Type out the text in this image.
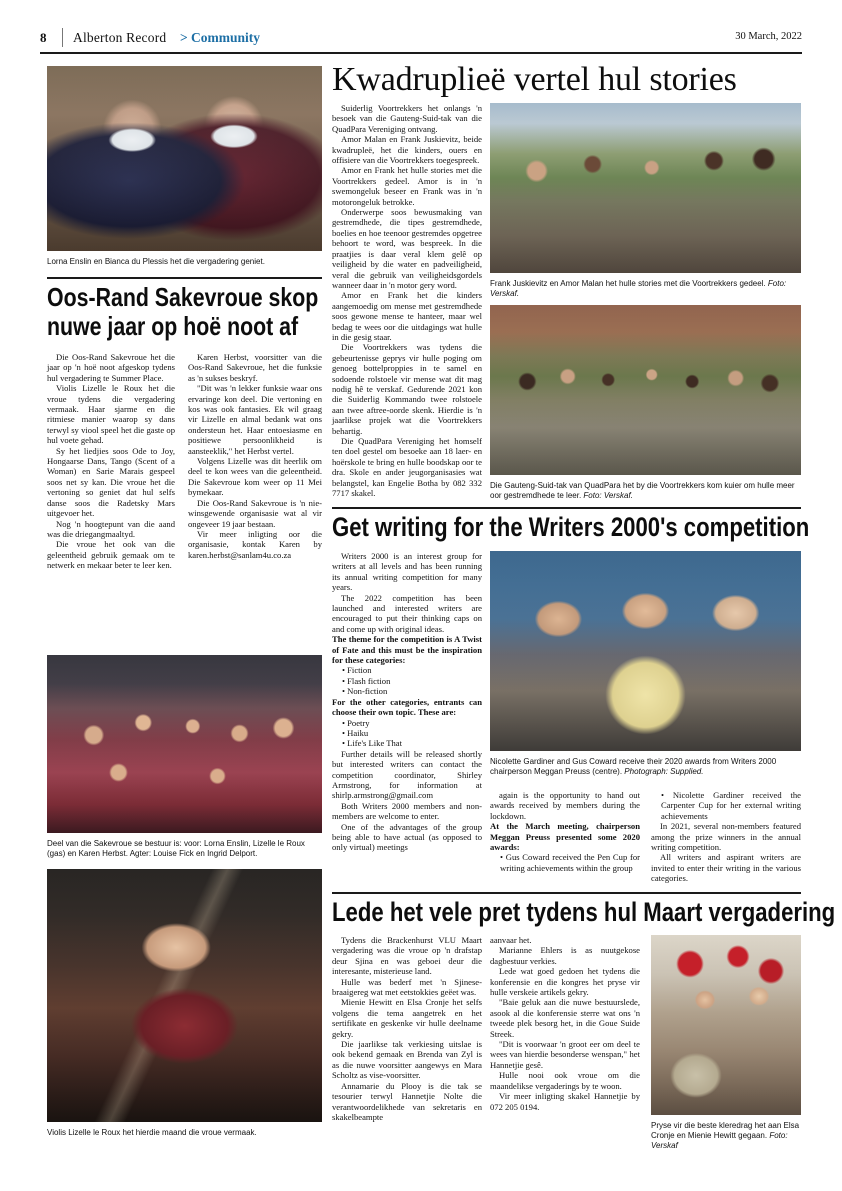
8 Alberton Record > Community	30 March, 2022
Lorna Enslin en Bianca du Plessis het die vergadering geniet.
Oos-Rand Sakevroue skop
nuwe jaar op hoë noot af

Die Oos-Rand Sakevroue het die jaar op 'n hoë noot afgeskop tydens hul vergadering te Summer Place.

Violis Lizelle le Roux het die vroue tydens die vergadering vermaak. Haar sjarme en die ritmiese manier waarop sy dans terwyl sy viool speel het die gaste op hul voete gehad.

Sy het liedjies soos Ode to Joy, Hongaarse Dans, Tango (Scent of a Woman) en Sarie Marais gespeel soos net sy kan. Die vroue het die vertoning so geniet dat hul selfs danse soos die Radetsky Mars uitgevoer het.

Nog 'n hoogtepunt van die aand was die driegangmaaltyd.

Die vroue het ook van die geleentheid gebruik gemaak om te netwerk en mekaar beter te leer ken.

Karen Herbst, voorsitter van die Oos-Rand Sakevroue, het die funksie as 'n sukses beskryf.

"Dit was 'n lekker funksie waar ons ervaringe kon deel. Die vertoning en kos was ook fantasies. Ek wil graag vir Lizelle en almal bedank wat ons ondersteun het. Haar entoesiasme en positiewe persoonlikheid is aansteeklik," het Herbst vertel.

Volgens Lizelle was dit heerlik om deel te kon wees van die geleentheid. Die Sakevroue kom weer op 11 Mei bymekaar.

Die Oos-Rand Sakevroue is 'n nie-winsgewende organisasie wat al vir ongeveer 19 jaar bestaan.

Vir meer inligting oor die organisasie, kontak Karen by karen.herbst@sanlam4u.co.za

Deel van die Sakevroue se bestuur is: voor: Lorna Enslin, Lizelle le Roux (gas) en Karen Herbst. Agter: Louise Fick en Ingrid Delport.
Violis Lizelle le Roux het hierdie maand die vroue vermaak.
Kwadruplieë vertel hul stories

Suiderlig Voortrekkers het onlangs 'n besoek van die Gauteng-Suid-tak van die QuadPara Vereniging ontvang.

Amor Malan en Frank Juskievitz, beide kwadrupleë, het die kinders, ouers en offisiere van die Voortrekkers toegespreek.

Amor en Frank het hulle stories met die Voortrekkers gedeel. Amor is in 'n swemongeluk beseer en Frank was in 'n motorongeluk betrokke.

Onderwerpe soos bewusmaking van gestremdhede, die tipes gestremdhede, boelies en hoe teenoor gestremdes opgetree behoort te word, was bespreek. In die praatjies is daar veral klem gelê op veiligheid by die water en padveiligheid, veral die gebruik van veiligheidsgordels wanneer daar in 'n motor gery word.

Amor en Frank het die kinders aangemoedig om mense met gestremdhede soos gewone mense te hanteer, maar wel bedag te wees oor die uitdagings wat hulle in die gesig staar.

Die Voortrekkers was tydens die gebeurtenisse geprys vir hulle poging om genoeg bottelproppies in te samel en sodoende rolstoele vir mense wat dit mag nodig hê te verskaf. Gedurende 2021 kon die Suiderlig Kommando twee rolstoele aan twee aftree-oorde skenk. Hierdie is 'n jaarlikse projek wat die Voortrekkers behartig.

Die QuadPara Vereniging het homself ten doel gestel om besoeke aan 18 laer- en hoërskole te bring en hulle boodskap oor te dra. Skole en ander jeugorganisasies wat belangstel, kan Engelie Botha by 082 332 7717 skakel.

Frank Juskievitz en Amor Malan het hulle stories met die Voortrekkers gedeel. Foto: Verskaf.
Die Gauteng-Suid-tak van QuadPara het by die Voortrekkers kom kuier om hulle meer oor gestremdhede te leer. Foto: Verskaf.
Get writing for the Writers 2000's competition

Writers 2000 is an interest group for writers at all levels and has been running its annual writing competition for many years.

The 2022 competition has been launched and interested writers are encouraged to put their thinking caps on and come up with original ideas.

The theme for the competition is A Twist of Fate and this must be the inspiration for these categories:

• Fiction

• Flash fiction

• Non-fiction

For the other categories, entrants can choose their own topic. These are:

• Poetry

• Haiku

• Life's Like That

Further details will be released shortly but interested writers can contact the competition coordinator, Shirley Armstrong, for information at shirlp.armstrong@gmail.com

Both Writers 2000 members and non-members are welcome to enter.

One of the advantages of the group being able to have actual (as opposed to only virtual) meetings

Nicolette Gardiner and Gus Coward receive their 2020 awards from Writers 2000 chairperson Meggan Preuss (centre). Photograph: Supplied.

again is the opportunity to hand out awards received by members during the lockdown.

At the March meeting, chairperson Meggan Preuss presented some 2020 awards:

• Gus Coward received the Pen Cup for writing achievements within the group

• Nicolette Gardiner received the Carpenter Cup for her external writing achievements

In 2021, several non-members featured among the prize winners in the annual writing competition.

All writers and aspirant writers are invited to enter their writing in the various categories.

Lede het vele pret tydens hul Maart vergadering

Tydens die Brackenhurst VLU Maart vergadering was die vroue op 'n drafstap deur Sjina en was geboei deur die interesante, misterieuse land.

Hulle was bederf met 'n Sjinese-braaigereg wat met eetstokkies geëet was.

Mienie Hewitt en Elsa Cronje het selfs volgens die tema aangetrek en het sertifikate en geskenke vir hulle deelname gekry.

Die jaarlikse tak verkiesing uitslae is ook bekend gemaak en Brenda van Zyl is as die nuwe voorsitter aangewys en Mara Scholtz as vise-voorsitter.

Annamarie du Plooy is die tak se tesourier terwyl Hannetjie Nolte die verantwoordelikhede van sekretaris en skakelbeampte

aanvaar het.

Marianne Ehlers is as nuutgekose dagbestuur verkies.

Lede wat goed gedoen het tydens die konferensie en die kongres het pryse vir hulle verskeie artikels gekry.

"Baie geluk aan die nuwe bestuurslede, asook al die konferensie sterre wat ons 'n tweede plek besorg het, in die Goue Suide Streek.

"Dit is voorwaar 'n groot eer om deel te wees van hierdie besonderse wenspan," het Hannetjie gesê.

Hulle nooi ook vroue om die maandelikse vergaderings by te woon.

Vir meer inligting skakel Hannetjie by 072 205 0194.

Pryse vir die beste kleredrag het aan Elsa Cronje en Mienie Hewitt gegaan. Foto: Verskaf
